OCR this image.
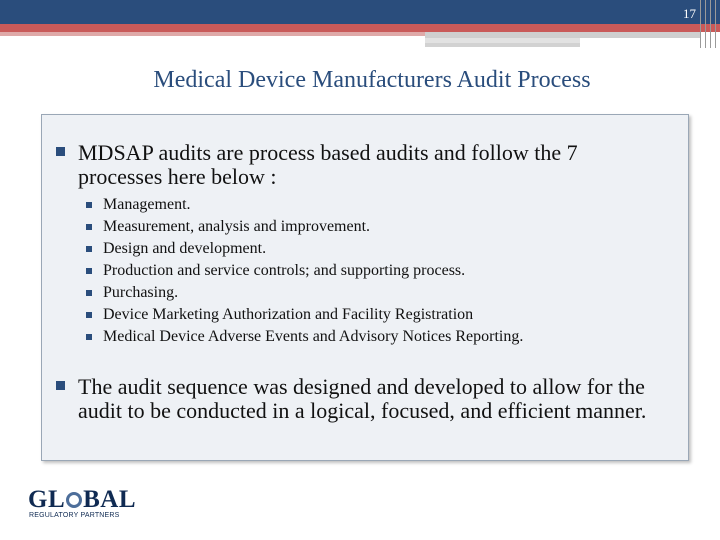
17
Medical Device Manufacturers Audit Process
MDSAP audits are process based audits and follow the 7 processes here below :
Management.
Measurement, analysis and improvement.
Design and development.
Production and service controls; and supporting process.
Purchasing.
Device Marketing Authorization and Facility Registration
Medical Device Adverse Events and Advisory Notices Reporting.
The audit sequence was designed and developed to allow for the audit to be conducted in a logical, focused, and efficient manner.
GL BAL
REGULATORY PARTNERS
